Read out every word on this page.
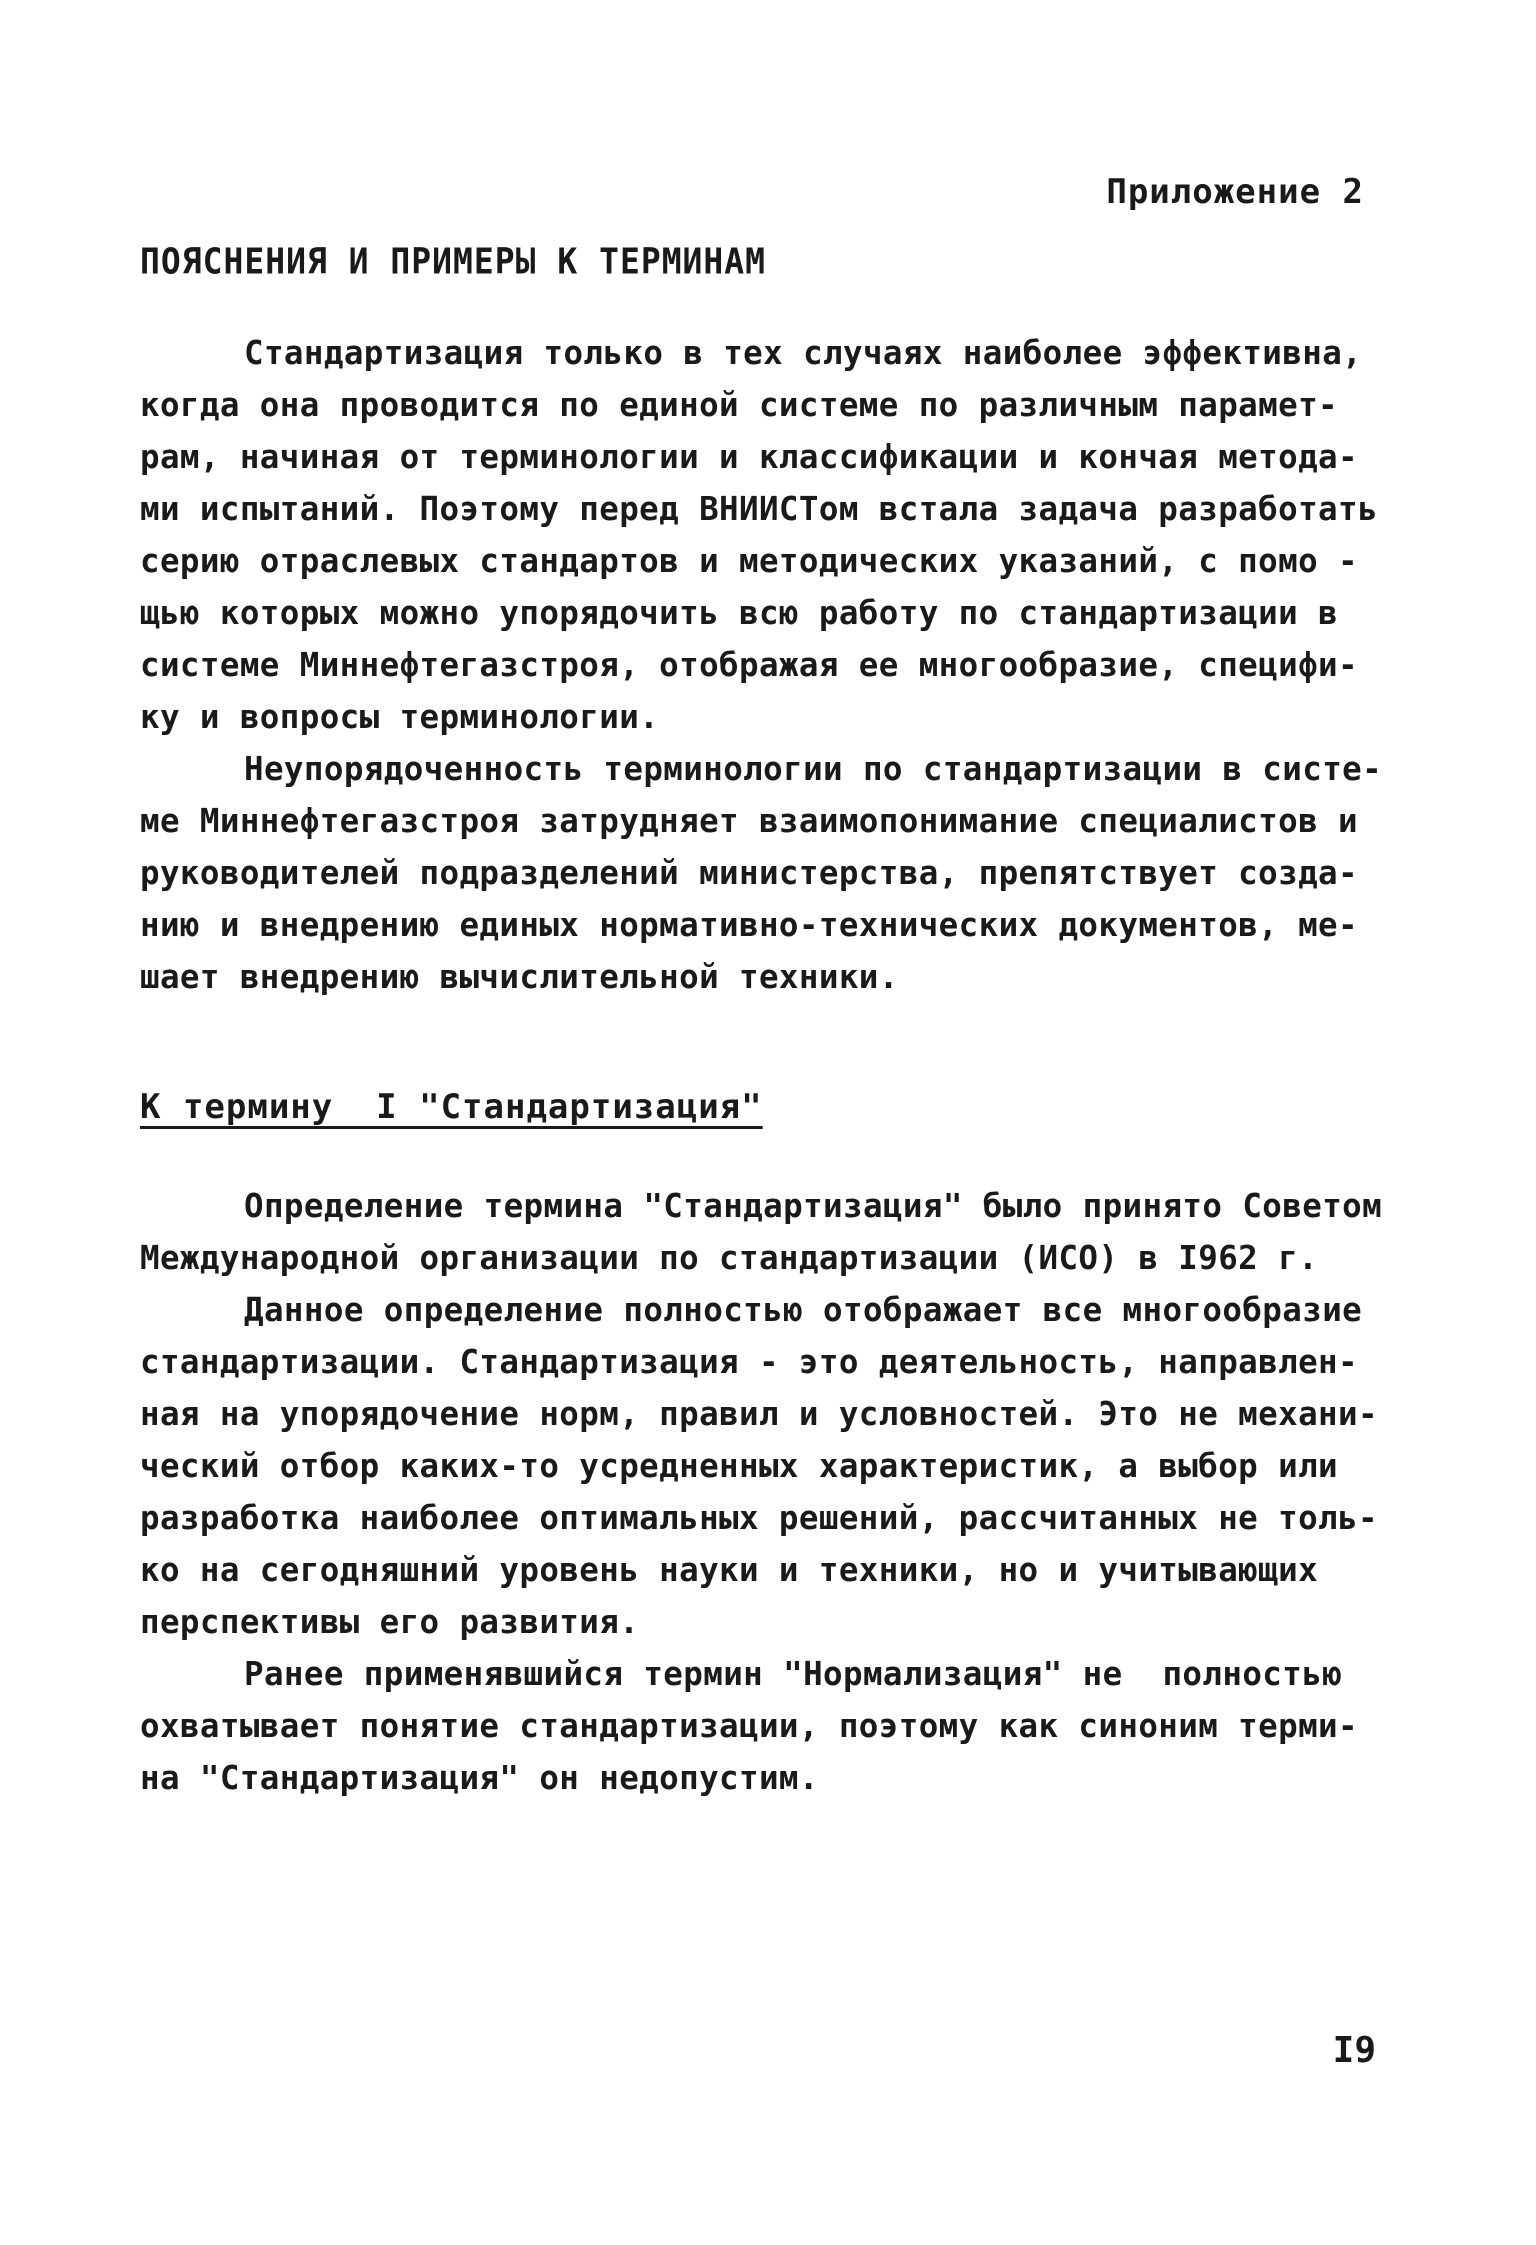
Приложение 2
ПОЯСНЕНИЯ И ПРИМЕРЫ К ТЕРМИНАМ
Стандартизация только в тех случаях наиболее эффективна,
когда она проводится по единой системе по различным парамет-
рам, начиная от терминологии и классификации и кончая метода-
ми испытаний. Поэтому перед ВНИИСТом встала задача разработать
серию отраслевых стандартов и методических указаний, с помо -
щью которых можно упорядочить всю работу по стандартизации в
системе Миннефтегазстроя, отображая ее многообразие, специфи-
ку и вопросы терминологии.
Неупорядоченность терминологии по стандартизации в систе-
ме Миннефтегазстроя затрудняет взаимопонимание специалистов и
руководителей подразделений министерства, препятствует созда-
нию и внедрению единых нормативно-технических документов, ме-
шает внедрению вычислительной техники.
К термину  I "Стандартизация"
Определение термина "Стандартизация" было принято Советом
Международной организации по стандартизации (ИСО) в I962 г.
Данное определение полностью отображает все многообразие
стандартизации. Стандартизация - это деятельность, направлен-
ная на упорядочение норм, правил и условностей. Это не механи-
ческий отбор каких-то усредненных характеристик, а выбор или
разработка наиболее оптимальных решений, рассчитанных не толь-
ко на сегодняшний уровень науки и техники, но и учитывающих
перспективы его развития.
Ранее применявшийся термин "Нормализация" не  полностью
охватывает понятие стандартизации, поэтому как синоним терми-
на "Стандартизация" он недопустим.
I9
